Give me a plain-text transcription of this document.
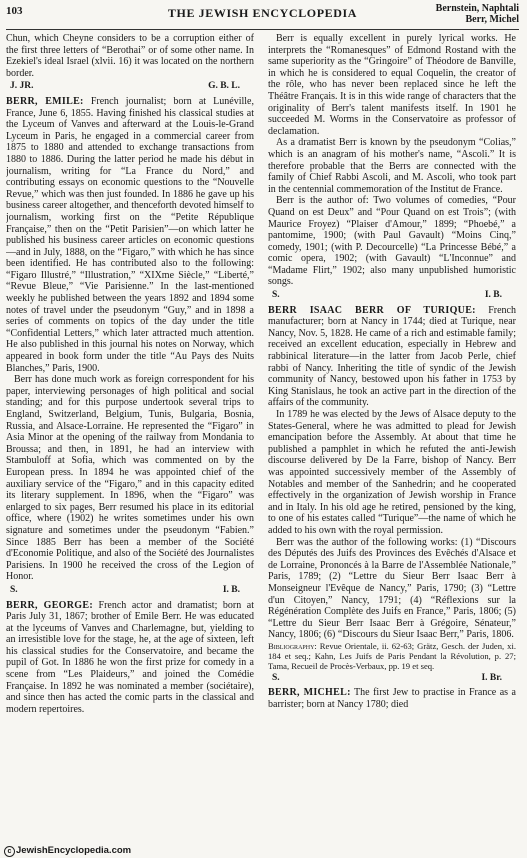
103	THE JEWISH ENCYCLOPEDIA	Bernstein, Naphtali
Berr, Michel

Chun, which Cheyne considers to be a corruption either of the first three letters of “Berothai” or of some other name. In Ezekiel's ideal Israel (xlvii. 16) it was located on the northern border.

J. JR.	G. B. L.

BERR, EMILE: French journalist; born at Lunéville, France, June 6, 1855. Having finished his classical studies at the Lyceum of Vanves and afterward at the Louis-le-Grand Lyceum in Paris, he engaged in a commercial career from 1875 to 1880 and attended to exchange transactions from 1880 to 1886. During the latter period he made his début in journalism, writing for “La France du Nord,” and contributing essays on economic questions to the “Nouvelle Revue,” which was then just founded. In 1886 he gave up his business career altogether, and thenceforth devoted himself to journalism, working first on the “Petite République Française,” then on the “Petit Parisien”—on which latter he published his business career articles on economic questions—and in July, 1888, on the “Figaro,” with which he has since been identified. He has contributed also to the following: “Figaro Illustré,” “Illustration,” “XIXme Siècle,” “Liberté,” “Revue Bleue,” “Vie Parisienne.” In the last-mentioned weekly he published between the years 1892 and 1894 some notes of travel under the pseudonym “Guy,” and in 1898 a series of comments on topics of the day under the title “Confidential Letters,” which later attracted much attention. He also published in this journal his notes on Norway, which appeared in book form under the title “Au Pays des Nuits Blanches,” Paris, 1900.

Berr has done much work as foreign correspondent for his paper, interviewing personages of high political and social standing; and for this purpose undertook several trips to England, Switzerland, Belgium, Tunis, Bulgaria, Bosnia, Russia, and Alsace-Lorraine. He represented the “Figaro” in Asia Minor at the opening of the railway from Mondania to Broussa; and then, in 1891, he had an interview with Stambuloff at Sofia, which was commented on by the European press. In 1894 he was appointed chief of the auxiliary service of the “Figaro,” and in this capacity edited its literary supplement. In 1896, when the “Figaro” was enlarged to six pages, Berr resumed his place in its editorial office, where (1902) he writes sometimes under his own signature and sometimes under the pseudonym “Fabien.” Since 1885 Berr has been a member of the Société d'Economie Politique, and also of the Société des Journalistes Parisiens. In 1900 he received the cross of the Legion of Honor.

S.	I. B.

BERR, GEORGE: French actor and dramatist; born at Paris July 31, 1867; brother of Emile Berr. He was educated at the lyceums of Vanves and Charlemagne, but, yielding to an irresistible love for the stage, he, at the age of sixteen, left his classical studies for the Conservatoire, and became the pupil of Got. In 1886 he won the first prize for comedy in a scene from “Les Plaideurs,” and joined the Comédie Française. In 1892 he was nominated a member (sociétaire), and since then has acted the comic parts in the classical and modern repertoires.

Berr is equally excellent in purely lyrical works. He interprets the “Romanesques” of Edmond Rostand with the same superiority as the “Gringoire” of Théodore de Banville, in which he is considered to equal Coquelin, the creator of the rôle, who has never been replaced since he left the Théâtre Français. It is in this wide range of characters that the originality of Berr's talent manifests itself. In 1901 he succeeded M. Worms in the Conservatoire as professor of declamation.

As a dramatist Berr is known by the pseudonym “Colias,” which is an anagram of his mother's name, “Ascoli.” It is therefore probable that the Berrs are connected with the family of Chief Rabbi Ascoli, and M. Ascoli, who took part in the centennial commemoration of the Institut de France.

Berr is the author of: Two volumes of comedies, “Pour Quand on est Deux” and “Pour Quand on est Trois”; (with Maurice Froyez) “Plaiser d'Amour,” 1899; “Phoebé,” a pantomime, 1900; (with Paul Gavault) “Moins Cinq,” comedy, 1901; (with P. Decourcelle) “La Princesse Bébé,” a comic opera, 1902; (with Gavault) “L'Inconnue” and “Madame Flirt,” 1902; also many unpublished humoristic songs.

S.	I. B.

BERR ISAAC BERR OF TURIQUE: French manufacturer; born at Nancy in 1744; died at Turique, near Nancy, Nov. 5, 1828. He came of a rich and estimable family; received an excellent education, especially in Hebrew and rabbinical literature—in the latter from Jacob Perle, chief rabbi of Nancy. Inheriting the title of syndic of the Jewish community of Nancy, bestowed upon his father in 1753 by King Stanislaus, he took an active part in the direction of the affairs of the community.

In 1789 he was elected by the Jews of Alsace deputy to the States-General, where he was admitted to plead for Jewish emancipation before the Assembly. At about that time he published a pamphlet in which he refuted the anti-Jewish discourse delivered by De la Farre, bishop of Nancy. Berr was appointed successively member of the Assembly of Notables and member of the Sanhedrin; and he cooperated effectively in the organization of Jewish worship in France and in Italy. In his old age he retired, pensioned by the king, to one of his estates called “Turique”—the name of which he added to his own with the royal permission.

Berr was the author of the following works: (1) “Discours des Députés des Juifs des Provinces des Evêchés d'Alsace et de Lorraine, Prononcés à la Barre de l'Assemblée Nationale,” Paris, 1789; (2) “Lettre du Sieur Berr Isaac Berr à Monseigneur l'Evêque de Nancy,” Paris, 1790; (3) “Lettre d'un Citoyen,” Nancy, 1791; (4) “Réflexions sur la Régénération Complète des Juifs en France,” Paris, 1806; (5) “Lettre du Sieur Berr Isaac Berr à Grégoire, Sénateur,” Nancy, 1806; (6) “Discours du Sieur Isaac Berr,” Paris, 1806.

Bibliography: Revue Orientale, ii. 62-63; Grätz, Gesch. der Juden, xi. 184 et seq.; Kahn, Les Juifs de Paris Pendant la Révolution, p. 27; Tama, Recueil de Procès-Verbaux, pp. 19 et seq.

S.	I. Br.

BERR, MICHEL: The first Jew to practise in France as a barrister; born at Nancy 1780; died

c JewishEncyclopedia.com
